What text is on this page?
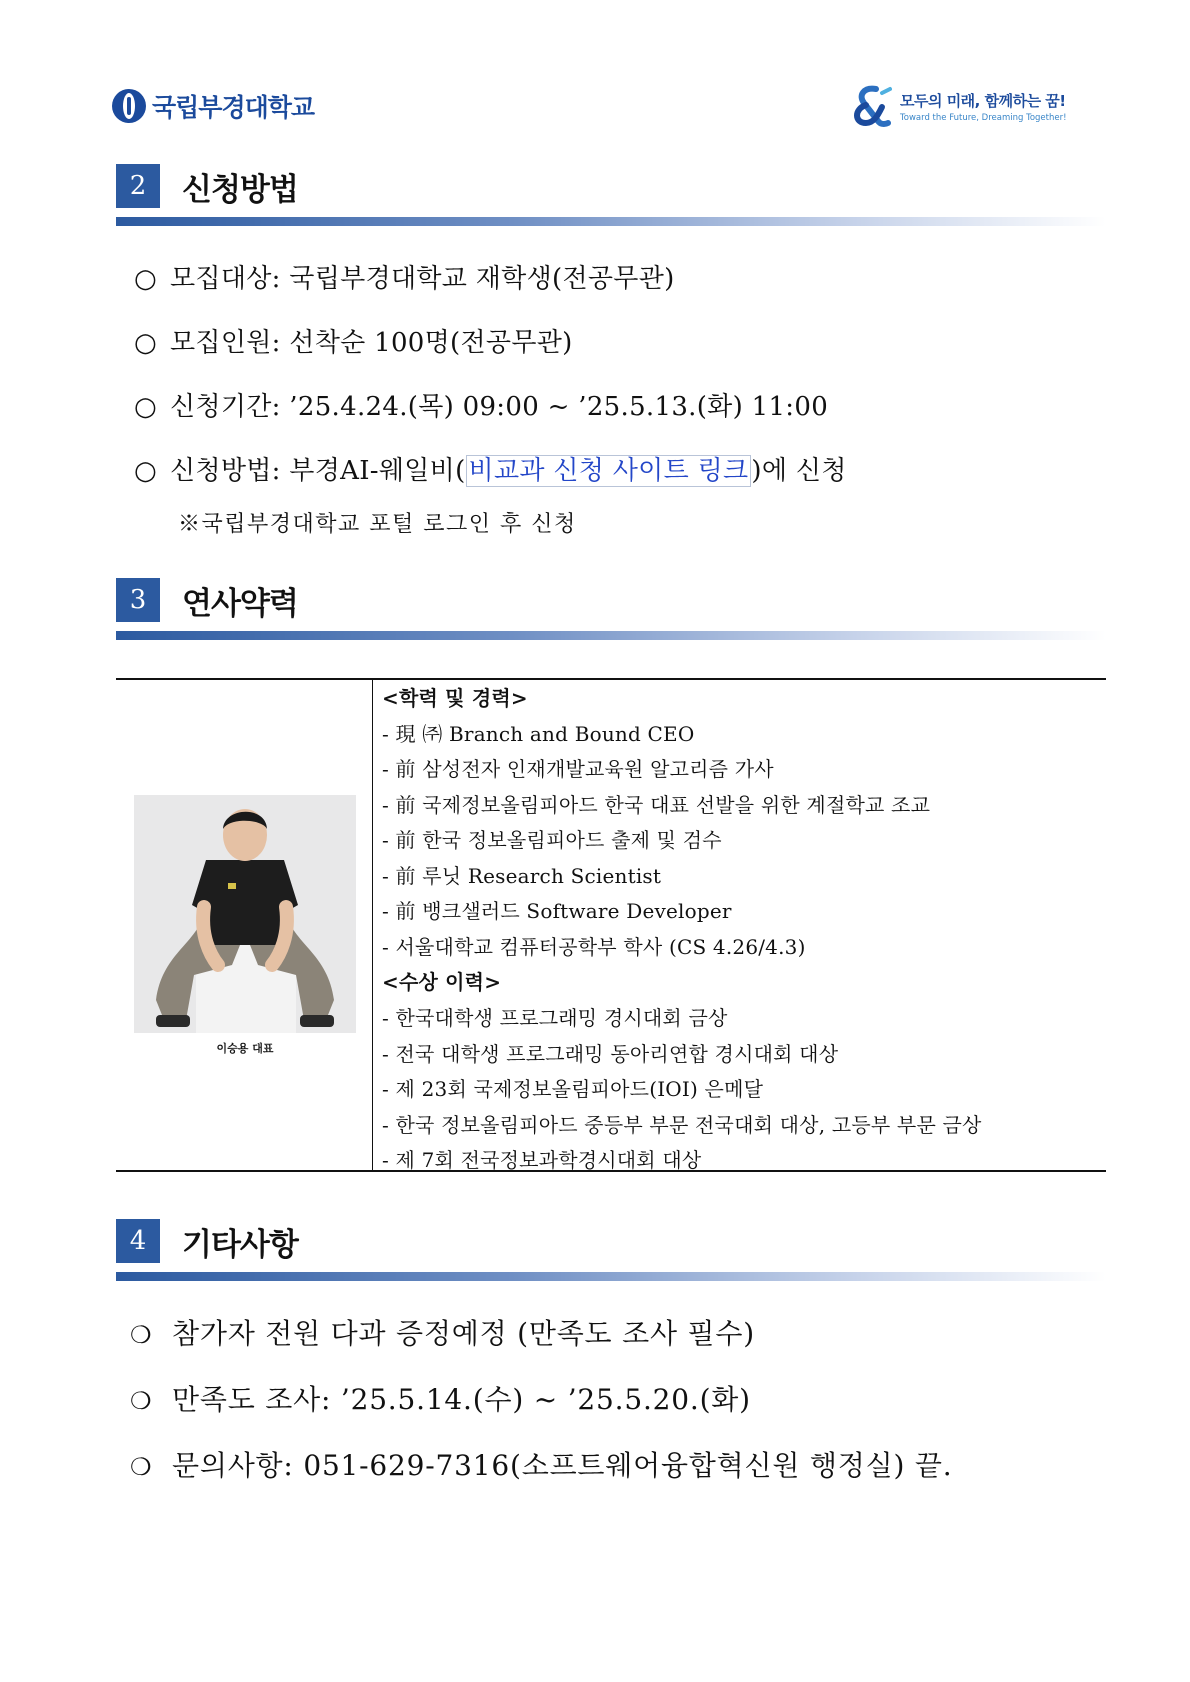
국립부경대학교	모두의 미래, 함께하는 꿈!
Toward the Future, Dreaming Together!
2	신청방법
○ 모집대상: 국립부경대학교 재학생(전공무관)
○ 모집인원: 선착순 100명(전공무관)
○ 신청기간: ’25.4.24.(목) 09:00 ~ ’25.5.13.(화) 11:00
○ 신청방법: 부경AI-웨일비( 비교과 신청 사이트 링크 )에 신청
※국립부경대학교 포털 로그인 후 신청
3	연사약력
이승용 대표
<학력 및 경력>
- 現 ㈜ Branch and Bound CEO
- 前 삼성전자 인재개발교육원 알고리즘 가사
- 前 국제정보올림피아드 한국 대표 선발을 위한 계절학교 조교
- 前 한국 정보올림피아드 출제 및 검수
- 前 루닛 Research Scientist
- 前 뱅크샐러드 Software Developer
- 서울대학교 컴퓨터공학부 학사 (CS 4.26/4.3)
<수상 이력>
- 한국대학생 프로그래밍 경시대회 금상
- 전국 대학생 프로그래밍 동아리연합 경시대회 대상
- 제 23회 국제정보올림피아드(IOI) 은메달
- 한국 정보올림피아드 중등부 부문 전국대회 대상, 고등부 부문 금상
- 제 7회 전국정보과학경시대회 대상
4	기타사항
❍ 참가자 전원 다과 증정예정 (만족도 조사 필수)
❍ 만족도 조사: ’25.5.14.(수) ~ ’25.5.20.(화)
❍ 문의사항: 051-629-7316(소프트웨어융합혁신원 행정실) 끝.
